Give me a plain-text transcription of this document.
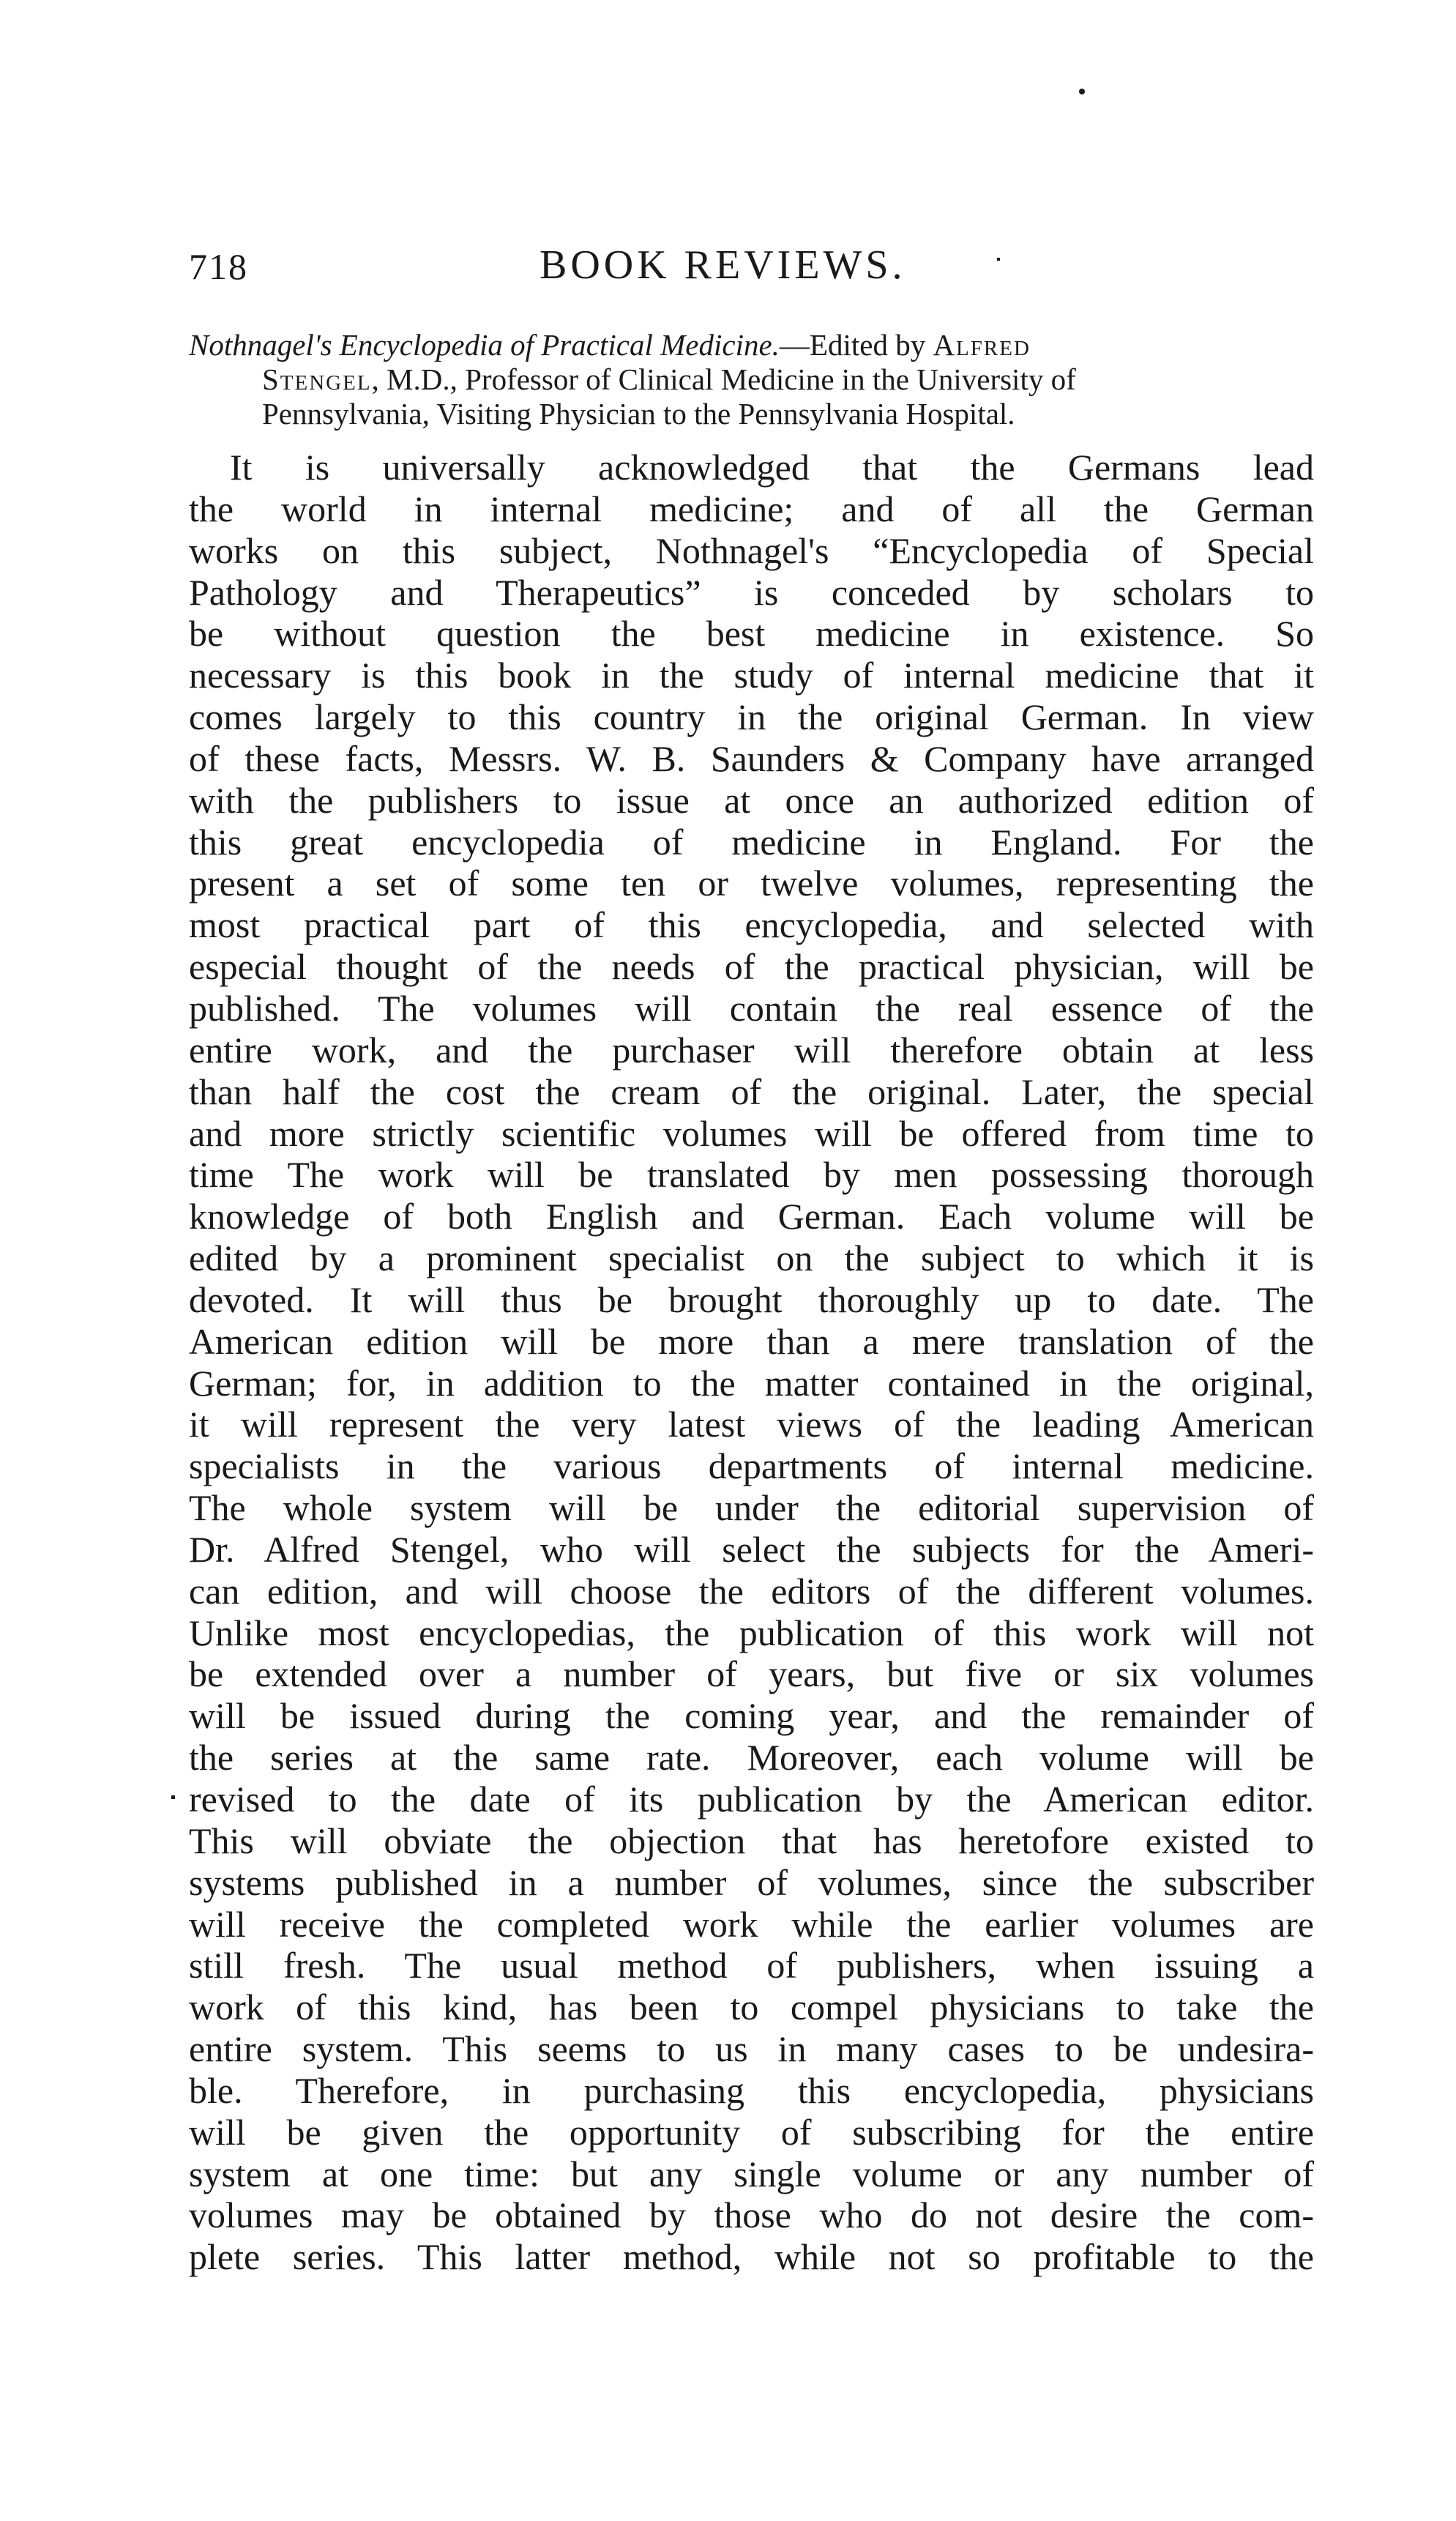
718	BOOK REVIEWS.
Nothnagel's Encyclopedia of Practical Medicine.—Edited by Alfred
Stengel, M.D., Professor of Clinical Medicine in the University of
Pennsylvania, Visiting Physician to the Pennsylvania Hospital.
It is universally acknowledged that the Germans lead
the world in internal medicine; and of all the German
works on this subject, Nothnagel's “Encyclopedia of Special
Pathology and Therapeutics” is conceded by scholars to
be without question the best medicine in existence. So
necessary is this book in the study of internal medicine that it
comes largely to this country in the original German. In view
of these facts, Messrs. W. B. Saunders & Company have arranged
with the publishers to issue at once an authorized edition of
this great encyclopedia of medicine in England. For the
present a set of some ten or twelve volumes, representing the
most practical part of this encyclopedia, and selected with
especial thought of the needs of the practical physician, will be
published. The volumes will contain the real essence of the
entire work, and the purchaser will therefore obtain at less
than half the cost the cream of the original. Later, the special
and more strictly scientific volumes will be offered from time to
time The work will be translated by men possessing thorough
knowledge of both English and German. Each volume will be
edited by a prominent specialist on the subject to which it is
devoted. It will thus be brought thoroughly up to date. The
American edition will be more than a mere translation of the
German; for, in addition to the matter contained in the original,
it will represent the very latest views of the leading American
specialists in the various departments of internal medicine.
The whole system will be under the editorial supervision of
Dr. Alfred Stengel, who will select the subjects for the Ameri-
can edition, and will choose the editors of the different volumes.
Unlike most encyclopedias, the publication of this work will not
be extended over a number of years, but five or six volumes
will be issued during the coming year, and the remainder of
the series at the same rate. Moreover, each volume will be
revised to the date of its publication by the American editor.
This will obviate the objection that has heretofore existed to
systems published in a number of volumes, since the subscriber
will receive the completed work while the earlier volumes are
still fresh. The usual method of publishers, when issuing a
work of this kind, has been to compel physicians to take the
entire system. This seems to us in many cases to be undesira-
ble. Therefore, in purchasing this encyclopedia, physicians
will be given the opportunity of subscribing for the entire
system at one time: but any single volume or any number of
volumes may be obtained by those who do not desire the com-
plete series. This latter method, while not so profitable to the
